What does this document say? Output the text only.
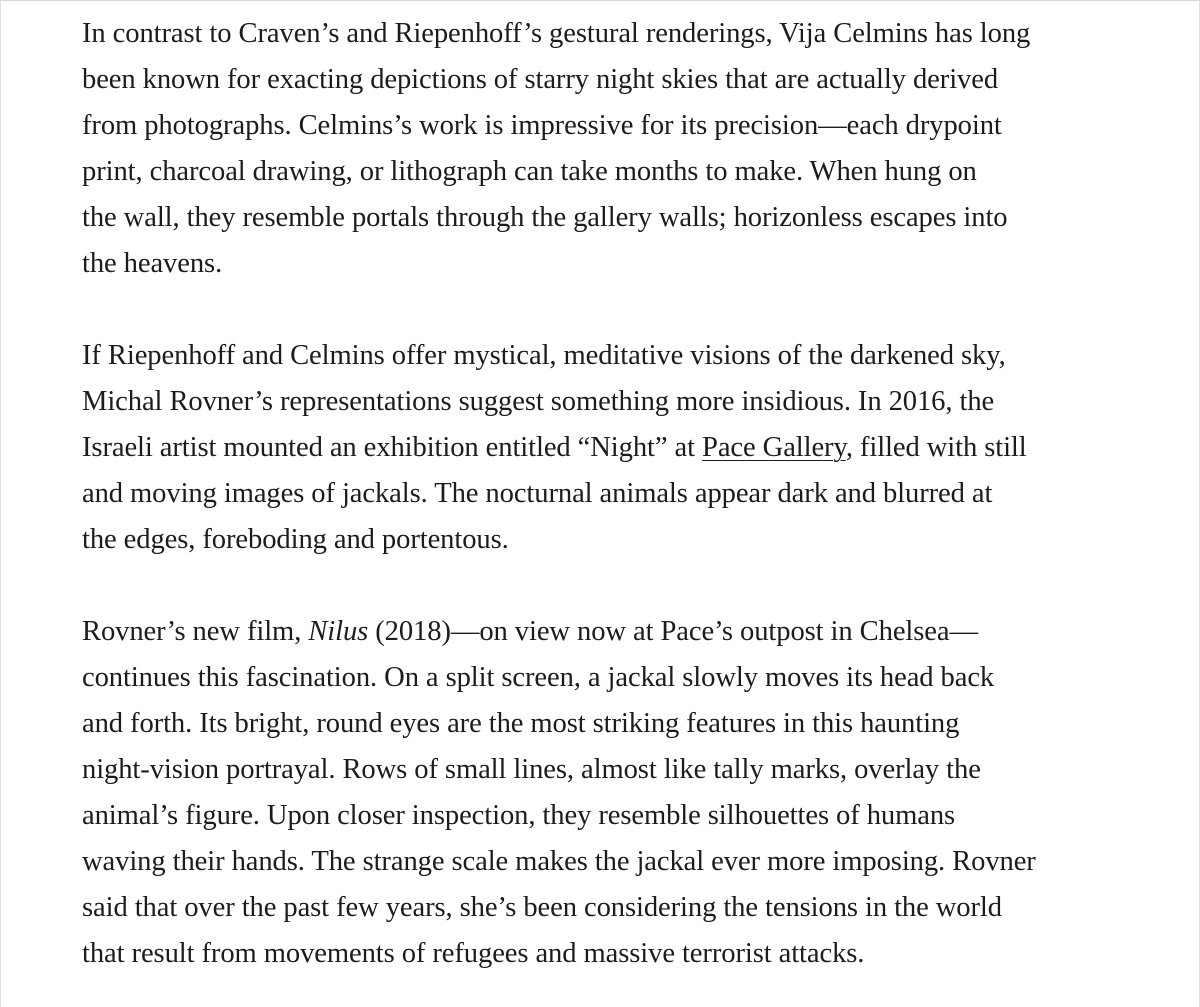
In contrast to Craven’s and Riepenhoff’s gestural renderings, Vija Celmins has long
been known for exacting depictions of starry night skies that are actually derived
from photographs. Celmins’s work is impressive for its precision—each drypoint
print, charcoal drawing, or lithograph can take months to make. When hung on
the wall, they resemble portals through the gallery walls; horizonless escapes into
the heavens.

If Riepenhoff and Celmins offer mystical, meditative visions of the darkened sky,
Michal Rovner’s representations suggest something more insidious. In 2016, the
Israeli artist mounted an exhibition entitled “Night” at Pace Gallery, filled with still
and moving images of jackals. The nocturnal animals appear dark and blurred at
the edges, foreboding and portentous.

Rovner’s new film, Nilus (2018)—on view now at Pace’s outpost in Chelsea—
continues this fascination. On a split screen, a jackal slowly moves its head back
and forth. Its bright, round eyes are the most striking features in this haunting
night-vision portrayal. Rows of small lines, almost like tally marks, overlay the
animal’s figure. Upon closer inspection, they resemble silhouettes of humans
waving their hands. The strange scale makes the jackal ever more imposing. Rovner
said that over the past few years, she’s been considering the tensions in the world
that result from movements of refugees and massive terrorist attacks.
